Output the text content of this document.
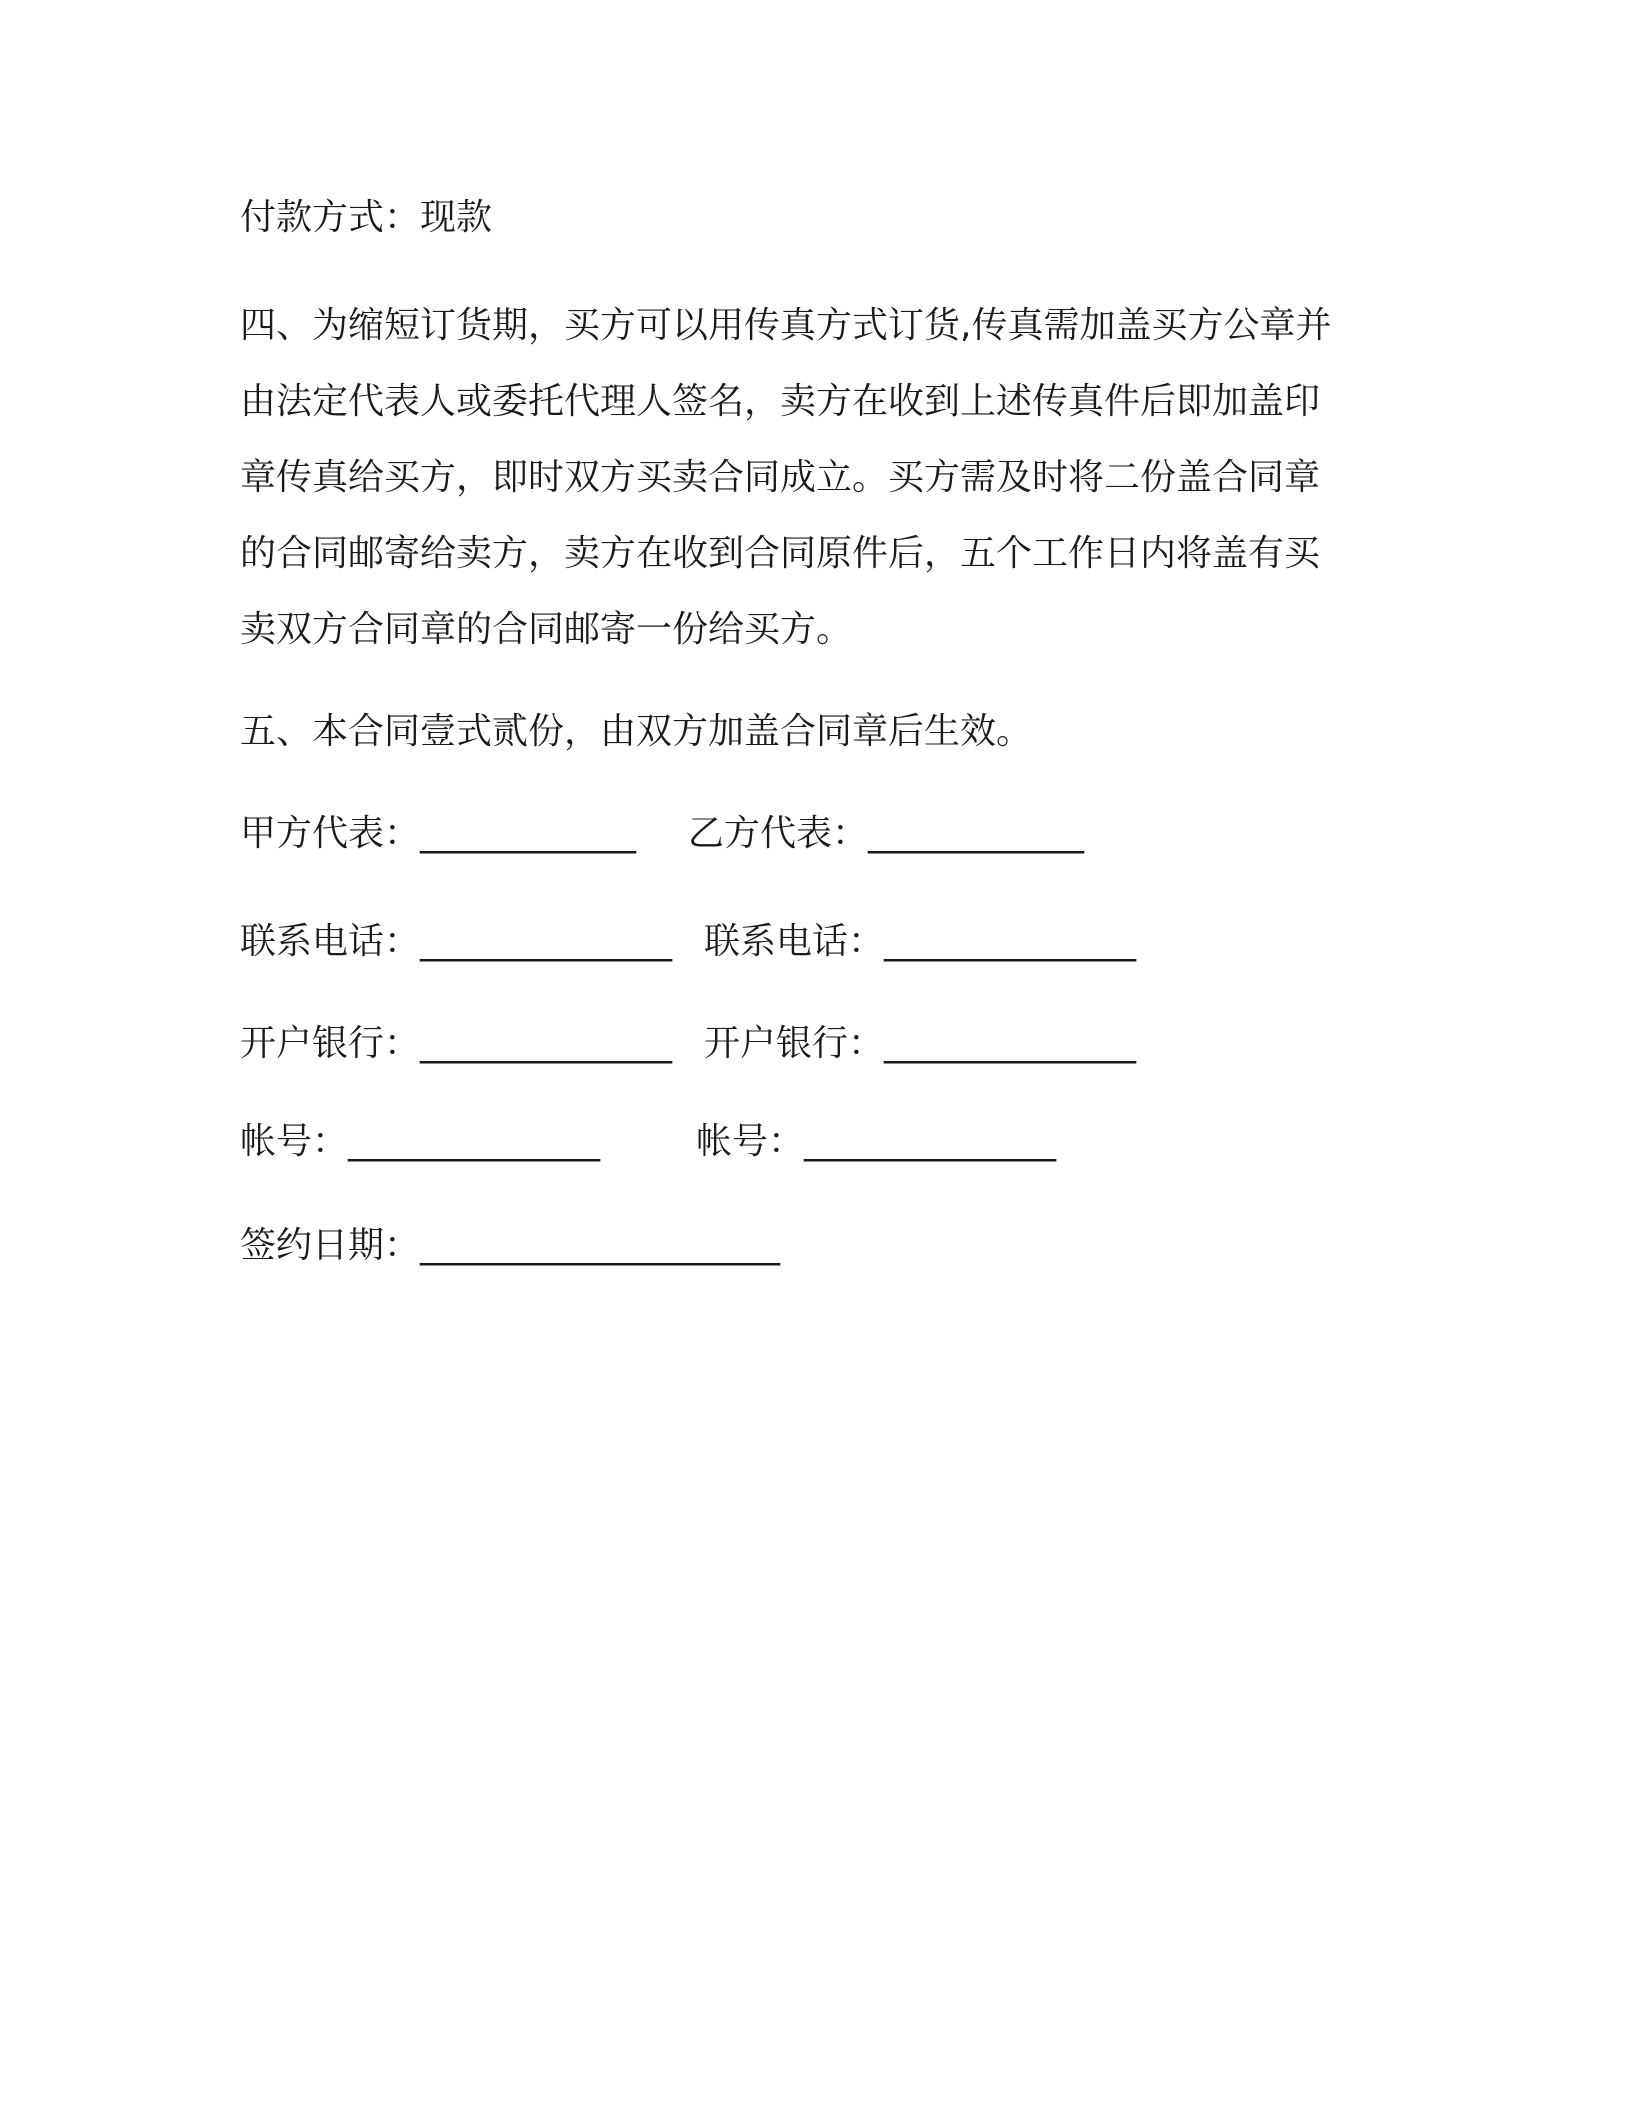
付款方式：现款

四、为缩短订货期，买方可以用传真方式订货,传真需加盖买方公章并
由法定代表人或委托代理人签名，卖方在收到上述传真件后即加盖印
章传真给买方，即时双方买卖合同成立。买方需及时将二份盖合同章
的合同邮寄给卖方，卖方在收到合同原件后，五个工作日内将盖有买
卖双方合同章的合同邮寄一份给买方。

五、本合同壹式贰份，由双方加盖合同章后生效。

甲方代表：____________ 乙方代表：____________
联系电话：______________ 联系电话：______________
开户银行：______________ 开户银行：______________
帐号：______________	帐号：______________
签约日期：____________________
